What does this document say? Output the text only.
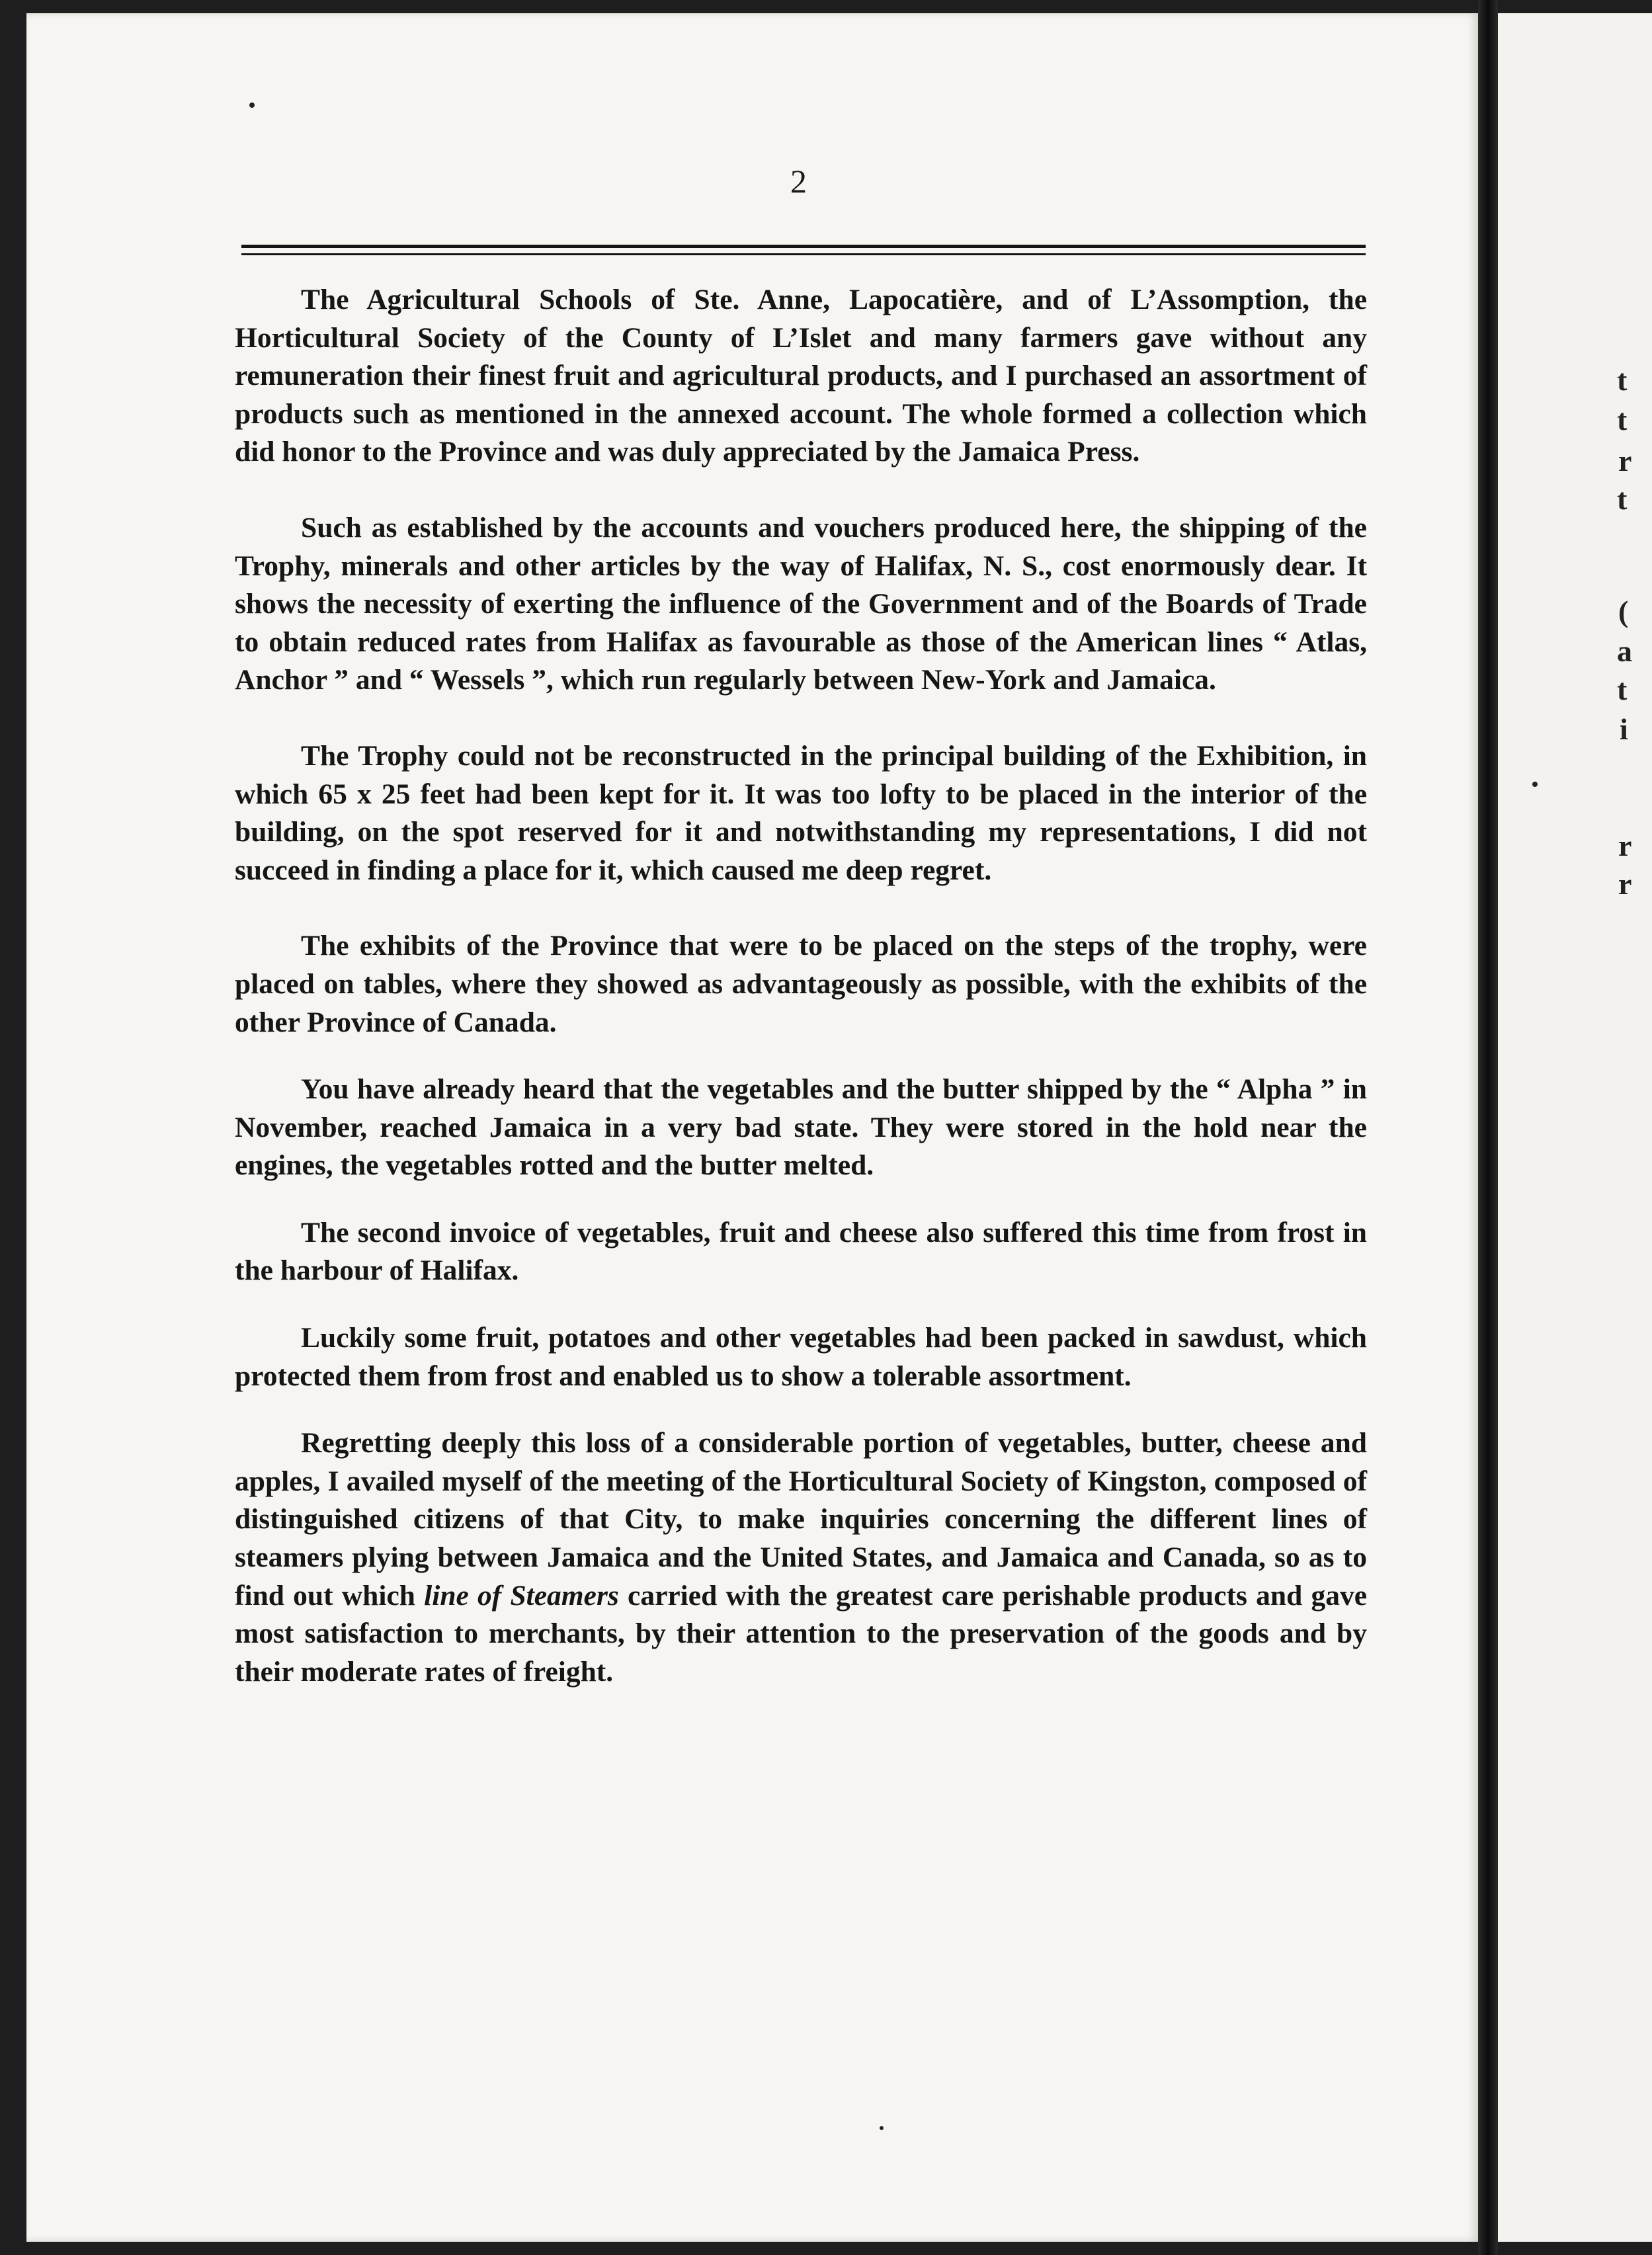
2

The Agricultural Schools of Ste. Anne, Lapocatière, and of L’Assomption, the Horticultural Society of the County of L’Islet and many farmers gave without any remuneration their finest fruit and agricultural products, and I purchased an assortment of products such as mentioned in the annexed account. The whole formed a collection which did honor to the Province and was duly appreciated by the Jamaica Press.

Such as established by the accounts and vouchers produced here, the shipping of the Trophy, minerals and other articles by the way of Halifax, N. S., cost enormously dear. It shows the necessity of exerting the influence of the Government and of the Boards of Trade to obtain reduced rates from Halifax as favourable as those of the American lines “ Atlas, Anchor ” and “ Wessels ”, which run regularly between New-York and Jamaica.

The Trophy could not be reconstructed in the principal building of the Exhibition, in which 65 x 25 feet had been kept for it. It was too lofty to be placed in the interior of the building, on the spot reserved for it and notwithstanding my representations, I did not succeed in finding a place for it, which caused me deep regret.

The exhibits of the Province that were to be placed on the steps of the trophy, were placed on tables, where they showed as advantageously as possible, with the exhibits of the other Province of Canada.

You have already heard that the vegetables and the butter shipped by the “ Alpha ” in November, reached Jamaica in a very bad state. They were stored in the hold near the engines, the vegetables rotted and the butter melted.

The second invoice of vegetables, fruit and cheese also suffered this time from frost in the harbour of Halifax.

Luckily some fruit, potatoes and other vegetables had been packed in sawdust, which protected them from frost and enabled us to show a tolerable assortment.

Regretting deeply this loss of a considerable portion of vegetables, butter, cheese and apples, I availed myself of the meeting of the Horticultural Society of Kingston, composed of distinguished citizens of that City, to make inquiries concerning the different lines of steamers plying between Jamaica and the United States, and Jamaica and Canada, so as to find out which line of Steamers carried with the greatest care perishable products and gave most satisfaction to merchants, by their attention to the preservation of the goods and by their moderate rates of freight.

t
t
r
t
(
a
t
i
r
r
